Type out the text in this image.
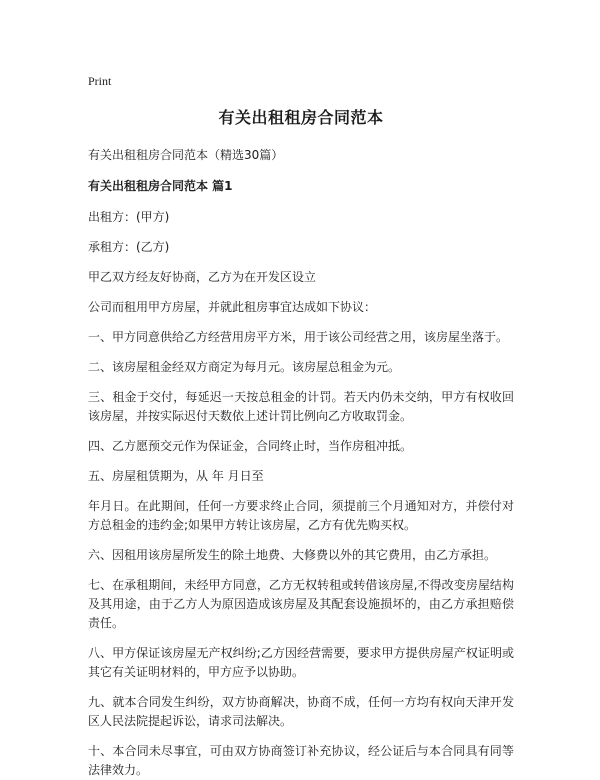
Print
有关出租租房合同范本
有关出租租房合同范本（精选30篇）
有关出租租房合同范本 篇1

出租方：(甲方)

承租方：(乙方)

甲乙双方经友好协商，乙方为在开发区设立

公司而租用甲方房屋，并就此租房事宜达成如下协议：

一、甲方同意供给乙方经营用房平方米，用于该公司经营之用，该房屋坐落于。

二、该房屋租金经双方商定为每月元。该房屋总租金为元。

三、租金于交付，每延迟一天按总租金的计罚。若天内仍未交纳，甲方有权收回该房屋，并按实际迟付天数依上述计罚比例向乙方收取罚金。

四、乙方愿预交元作为保证金，合同终止时，当作房租冲抵。

五、房屋租赁期为，从 年 月日至

年月日。在此期间，任何一方要求终止合同，须提前三个月通知对方，并偿付对方总租金的违约金;如果甲方转让该房屋，乙方有优先购买权。

六、因租用该房屋所发生的除土地费、大修费以外的其它费用，由乙方承担。

七、在承租期间，未经甲方同意，乙方无权转租或转借该房屋,不得改变房屋结构及其用途，由于乙方人为原因造成该房屋及其配套设施损坏的，由乙方承担赔偿责任。

八、甲方保证该房屋无产权纠纷;乙方因经营需要，要求甲方提供房屋产权证明或其它有关证明材料的，甲方应予以协助。

九、就本合同发生纠纷，双方协商解决，协商不成，任何一方均有权向天津开发区人民法院提起诉讼，请求司法解决。

十、本合同未尽事宜，可由双方协商签订补充协议，经公证后与本合同具有同等法律效力。
